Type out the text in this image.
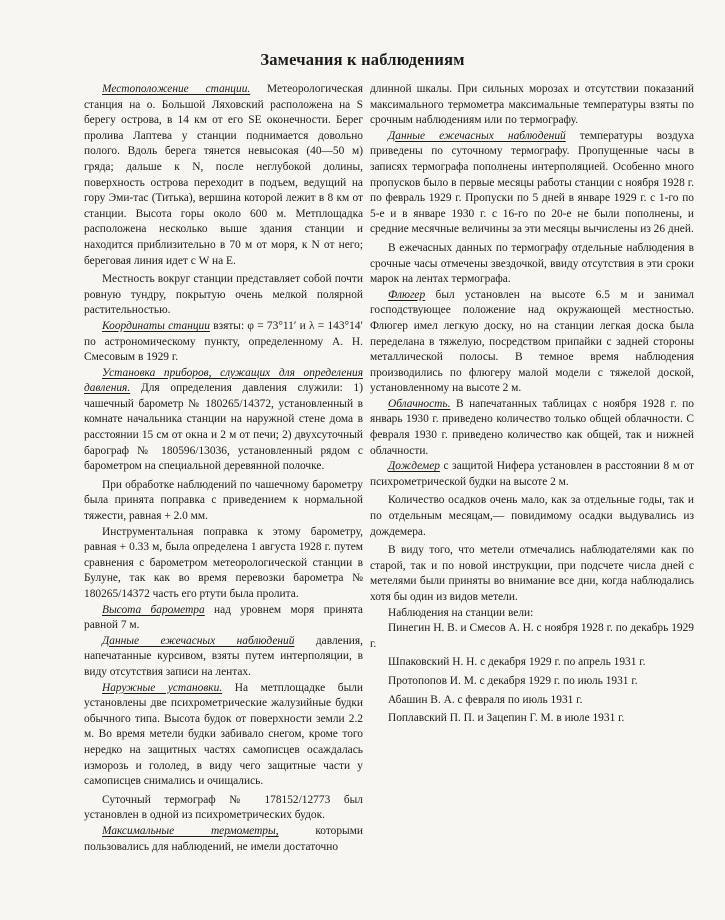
Замечания к наблюдениям

Местоположение станции. Метеорологическая станция на о. Большой Ляховский расположена на S берегу острова, в 14 км от его SE оконечности. Берег пролива Лаптева у станции поднимается довольно полого. Вдоль берега тянется невысокая (40—50 м) гряда; дальше к N, после неглубокой долины, поверхность острова переходит в подъем, ведущий на гору Эми-тас (Титька), вершина которой лежит в 8 км от станции. Высота горы около 600 м. Метплощадка расположена несколько выше здания станции и находится приблизительно в 70 м от моря, к N от него; береговая линия идет с W на E.

Местность вокруг станции представляет собой почти ровную тундру, покрытую очень мелкой полярной растительностью.

Координаты станции взяты: φ = 73°11′ и λ = 143°14′ по астрономическому пункту, определенному А. Н. Смесовым в 1929 г.

Установка приборов, служащих для определения давления. Для определения давления служили: 1) чашечный барометр № 180265/14372, установленный в комнате начальника станции на наружной стене дома в расстоянии 15 см от окна и 2 м от печи; 2) двухсуточный барограф № 180596/13036, установленный рядом с барометром на специальной деревянной полочке.

При обработке наблюдений по чашечному барометру была принята поправка с приведением к нормальной тяжести, равная + 2.0 мм.

Инструментальная поправка к этому барометру, равная + 0.33 м, была определена 1 августа 1928 г. путем сравнения с барометром метеорологической станции в Булуне, так как во время перевозки барометра № 180265/14372 часть его ртути была пролита.

Высота барометра над уровнем моря принята равной 7 м.

Данные ежечасных наблюдений давления, напечатанные курсивом, взяты путем интерполяции, в виду отсутствия записи на лентах.

Наружные установки. На метплощадке были установлены две психрометрические жалузийные будки обычного типа. Высота будок от поверхности земли 2.2 м. Во время метели будки забивало снегом, кроме того нередко на защитных частях самописцев осаждалась изморозь и гололед, в виду чего защитные части у самописцев снимались и очищались.

Суточный термограф № 178152/12773 был установлен в одной из психрометрических будок.

Максимальные термометры, которыми пользовались для наблюдений, не имели достаточно

длинной шкалы. При сильных морозах и отсутствии показаний максимального термометра максимальные температуры взяты по срочным наблюдениям или по термографу.

Данные ежечасных наблюдений температуры воздуха приведены по суточному термографу. Пропущенные часы в записях термографа пополнены интерполяцией. Особенно много пропусков было в первые месяцы работы станции с ноября 1928 г. по февраль 1929 г. Пропуски по 5 дней в январе 1929 г. с 1-го по 5-е и в январе 1930 г. с 16-го по 20-е не были пополнены, и средние месячные величины за эти месяцы вычислены из 26 дней.

В ежечасных данных по термографу отдельные наблюдения в срочные часы отмечены звездочкой, ввиду отсутствия в эти сроки марок на лентах термографа.

Флюгер был установлен на высоте 6.5 м и занимал господствующее положение над окружающей местностью. Флюгер имел легкую доску, но на станции легкая доска была переделана в тяжелую, посредством припайки с задней стороны металлической полосы. В темное время наблюдения производились по флюгеру малой модели с тяжелой доской, установленному на высоте 2 м.

Облачность. В напечатанных таблицах с ноября 1928 г. по январь 1930 г. приведено количество только общей облачности. С февраля 1930 г. приведено количество как общей, так и нижней облачности.

Дождемер с защитой Нифера установлен в расстоянии 8 м от психрометрической будки на высоте 2 м.

Количество осадков очень мало, как за отдельные годы, так и по отдельным месяцам,— повидимому осадки выдувались из дождемера.

В виду того, что метели отмечались наблюдателями как по старой, так и по новой инструкции, при подсчете числа дней с метелями были приняты во внимание все дни, когда наблюдались хотя бы один из видов метели.

Наблюдения на станции вели:

Пинегин Н. В. и Смесов А. Н. с ноября 1928 г. по декабрь 1929 г.

Шпаковский Н. Н. с декабря 1929 г. по апрель 1931 г.

Протопопов И. М. с декабря 1929 г. по июль 1931 г.

Абашин В. А. с февраля по июль 1931 г.

Поплавский П. П. и Зацепин Г. М. в июле 1931 г.
